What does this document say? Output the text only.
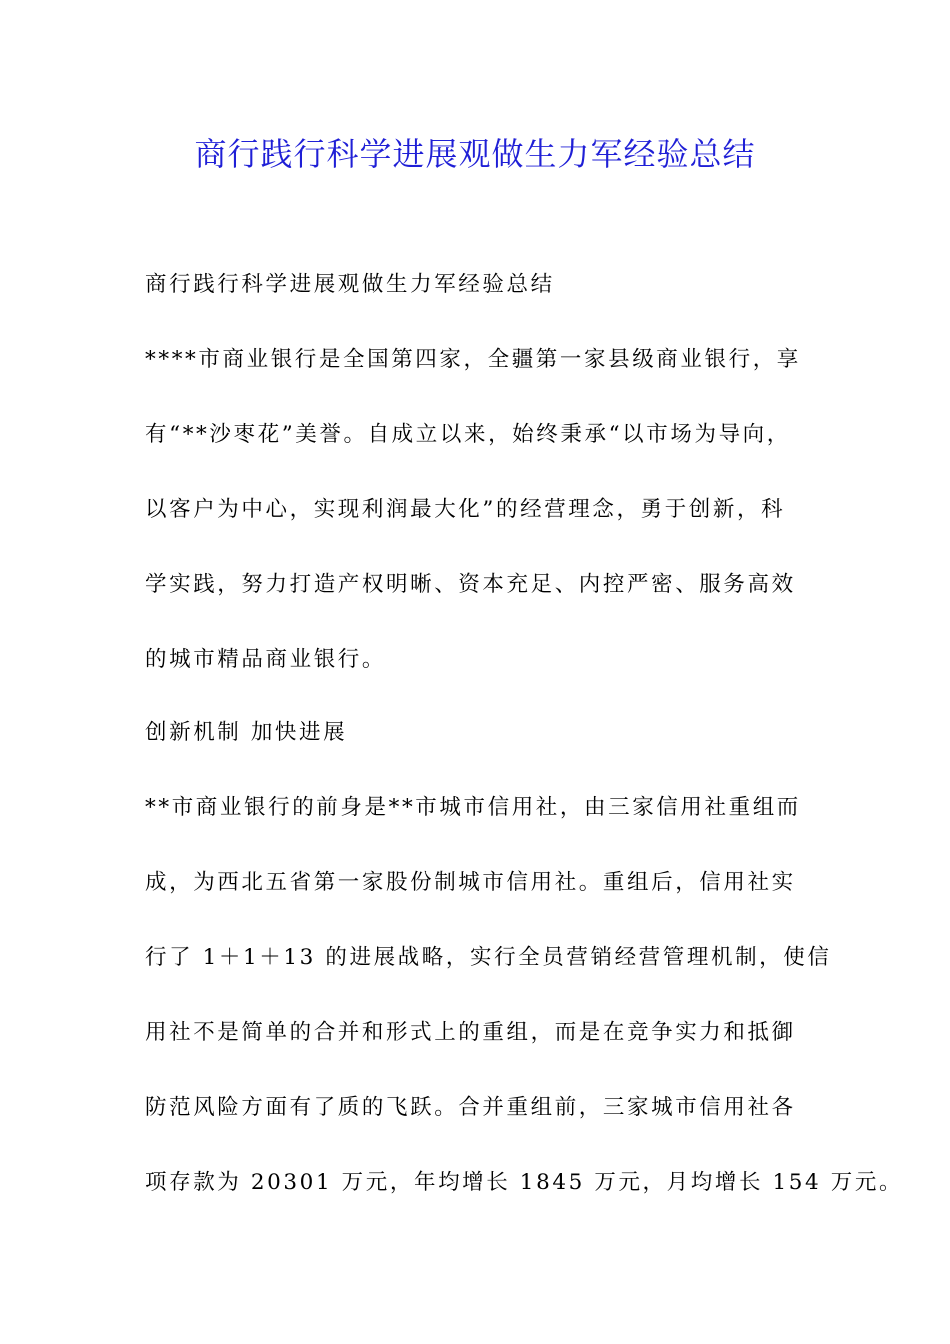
商行践行科学进展观做生力军经验总结
商行践行科学进展观做生力军经验总结
****市商业银行是全国第四家，全疆第一家县级商业银行，享
有“**沙枣花”美誉。自成立以来，始终秉承“以市场为导向，
以客户为中心，实现利润最大化”的经营理念，勇于创新，科
学实践，努力打造产权明晰、资本充足、内控严密、服务高效
的城市精品商业银行。
创新机制 加快进展
**市商业银行的前身是**市城市信用社，由三家信用社重组而
成，为西北五省第一家股份制城市信用社。重组后，信用社实
行了 1＋1＋13 的进展战略，实行全员营销经营管理机制，使信
用社不是简单的合并和形式上的重组，而是在竞争实力和抵御
防范风险方面有了质的飞跃。合并重组前，三家城市信用社各
项存款为 20301 万元，年均增长 1845 万元，月均增长 154 万元。
